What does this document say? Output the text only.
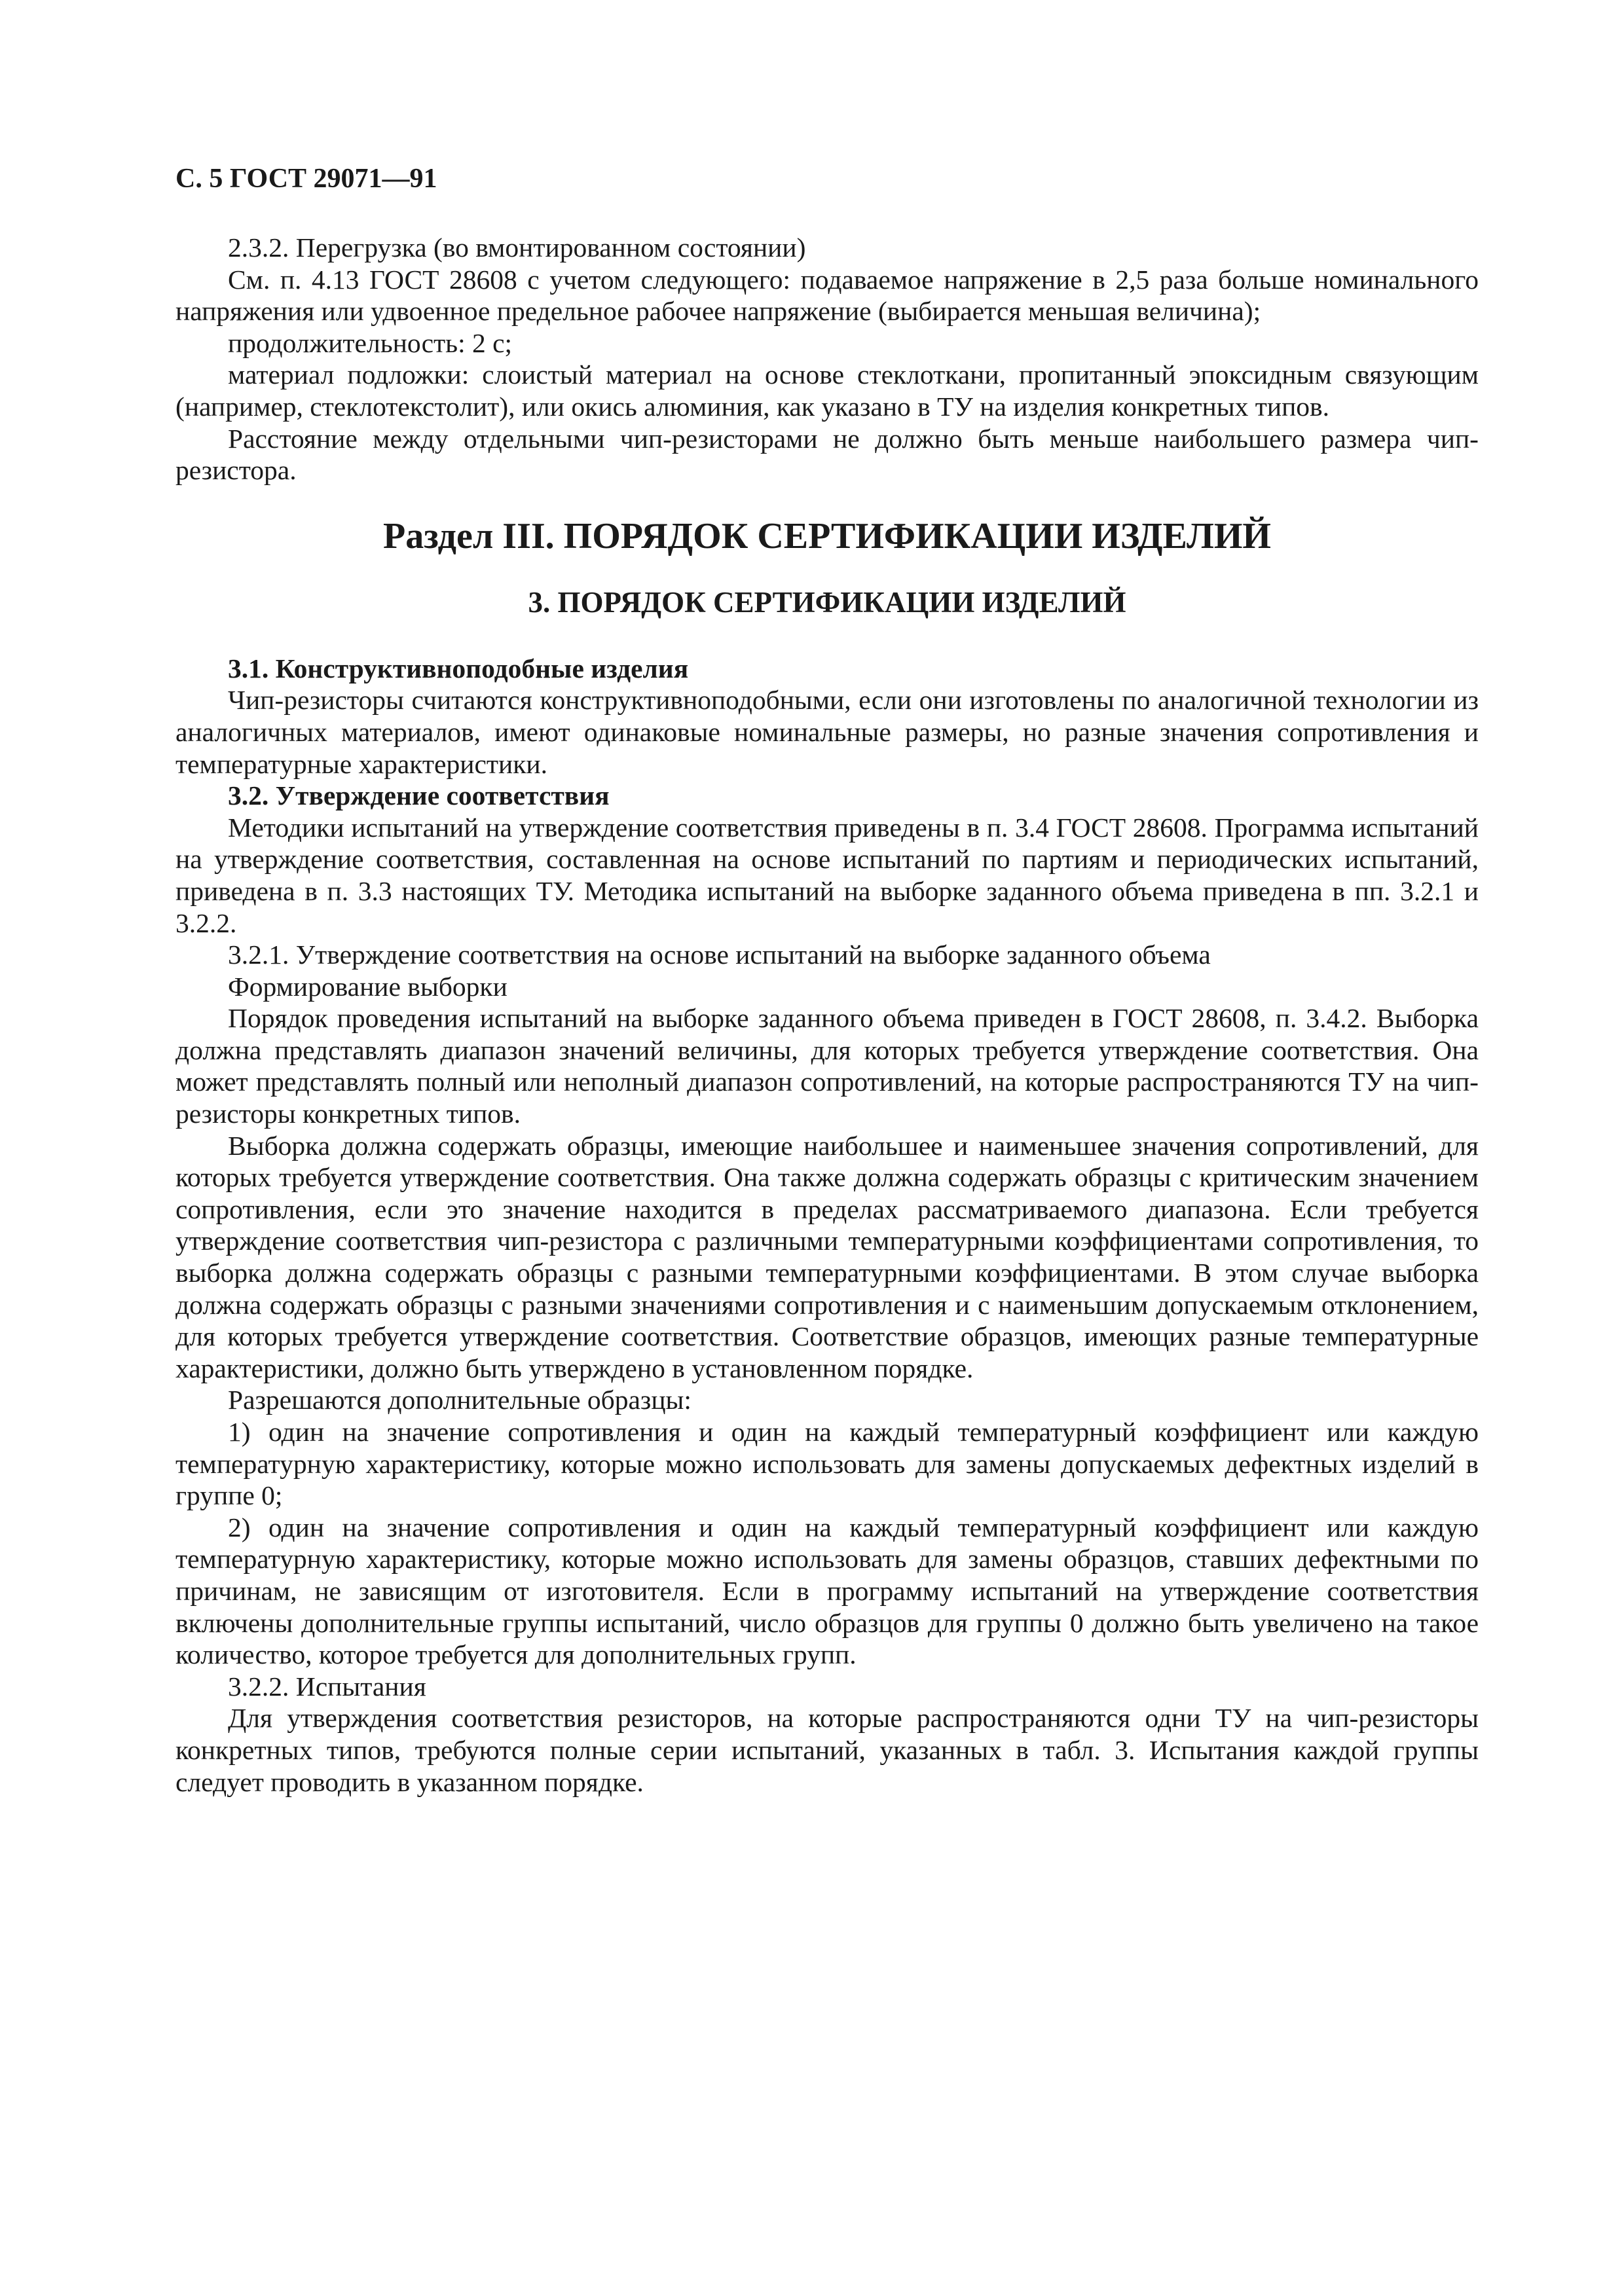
С. 5 ГОСТ 29071—91

2.3.2. Перегрузка (во вмонтированном состоянии)

См. п. 4.13 ГОСТ 28608 с учетом следующего: подаваемое напряжение в 2,5 раза больше номинального напряжения или удвоенное предельное рабочее напряжение (выбирается меньшая величина);

продолжительность: 2 с;

материал подложки: слоистый материал на основе стеклоткани, пропитанный эпоксидным связующим (например, стеклотекстолит), или окись алюминия, как указано в ТУ на изделия конкретных типов.

Расстояние между отдельными чип-резисторами не должно быть меньше наибольшего размера чип-резистора.

Раздел III. ПОРЯДОК СЕРТИФИКАЦИИ ИЗДЕЛИЙ
3. ПОРЯДОК СЕРТИФИКАЦИИ ИЗДЕЛИЙ

3.1. Конструктивноподобные изделия

Чип-резисторы считаются конструктивноподобными, если они изготовлены по аналогичной технологии из аналогичных материалов, имеют одинаковые номинальные размеры, но разные значения сопротивления и температурные характеристики.

3.2. Утверждение соответствия

Методики испытаний на утверждение соответствия приведены в п. 3.4 ГОСТ 28608. Программа испытаний на утверждение соответствия, составленная на основе испытаний по партиям и периодических испытаний, приведена в п. 3.3 настоящих ТУ. Методика испытаний на выборке заданного объема приведена в пп. 3.2.1 и 3.2.2.

3.2.1. Утверждение соответствия на основе испытаний на выборке заданного объема

Формирование выборки

Порядок проведения испытаний на выборке заданного объема приведен в ГОСТ 28608, п. 3.4.2. Выборка должна представлять диапазон значений величины, для которых требуется утверждение соответствия. Она может представлять полный или неполный диапазон сопротивлений, на которые распространяются ТУ на чип-резисторы конкретных типов.

Выборка должна содержать образцы, имеющие наибольшее и наименьшее значения сопротивлений, для которых требуется утверждение соответствия. Она также должна содержать образцы с критическим значением сопротивления, если это значение находится в пределах рассматриваемого диапазона. Если требуется утверждение соответствия чип-резистора с различными температурными коэффициентами сопротивления, то выборка должна содержать образцы с разными температурными коэффициентами. В этом случае выборка должна содержать образцы с разными значениями сопротивления и с наименьшим допускаемым отклонением, для которых требуется утверждение соответствия. Соответствие образцов, имеющих разные температурные характеристики, должно быть утверждено в установленном порядке.

Разрешаются дополнительные образцы:

1) один на значение сопротивления и один на каждый температурный коэффициент или каждую температурную характеристику, которые можно использовать для замены допускаемых дефектных изделий в группе 0;

2) один на значение сопротивления и один на каждый температурный коэффициент или каждую температурную характеристику, которые можно использовать для замены образцов, ставших дефектными по причинам, не зависящим от изготовителя. Если в программу испытаний на утверждение соответствия включены дополнительные группы испытаний, число образцов для группы 0 должно быть увеличено на такое количество, которое требуется для дополнительных групп.

3.2.2. Испытания

Для утверждения соответствия резисторов, на которые распространяются одни ТУ на чип-резисторы конкретных типов, требуются полные серии испытаний, указанных в табл. 3. Испытания каждой группы следует проводить в указанном порядке.
